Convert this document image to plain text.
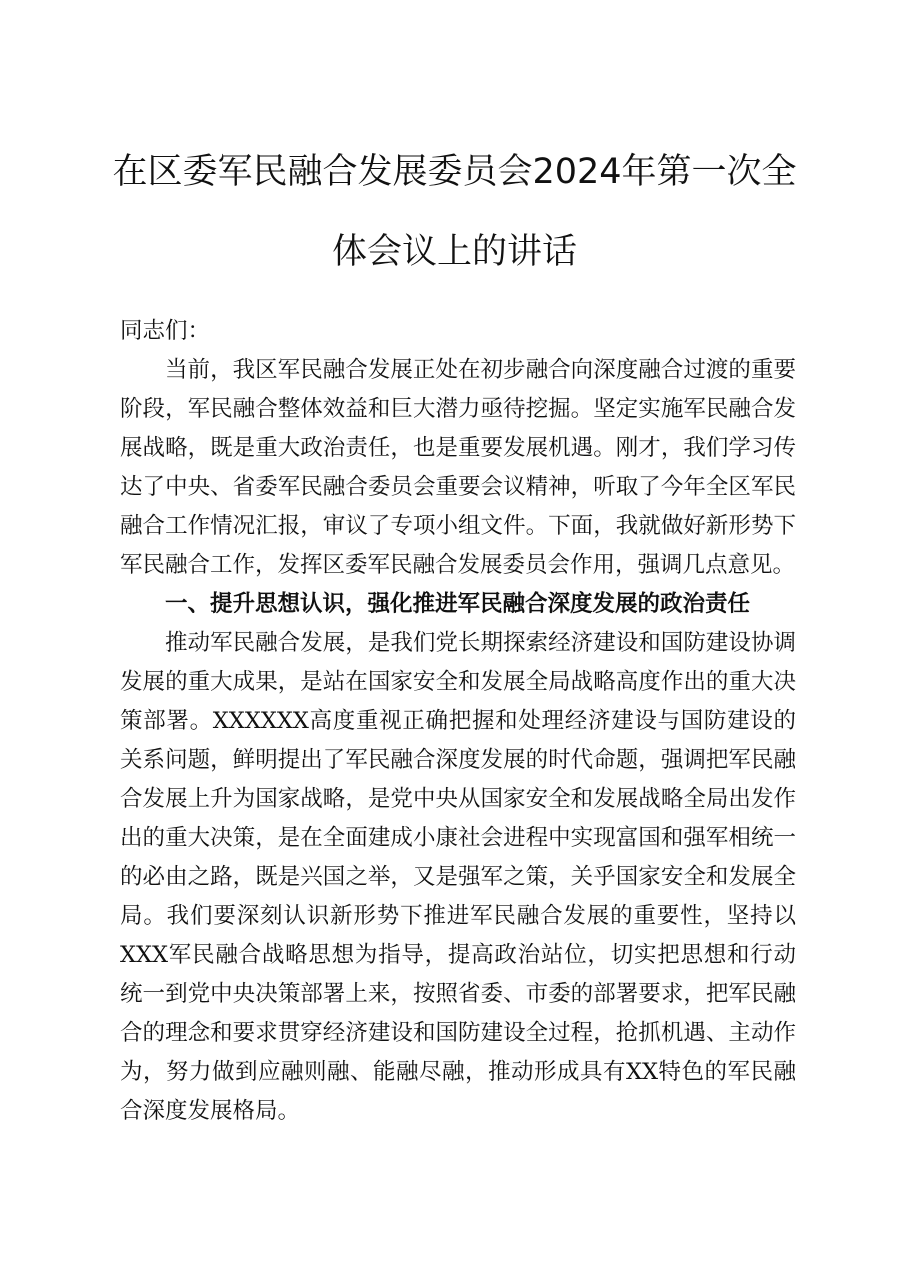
在区委军民融合发展委员会2024年第一次全
体会议上的讲话

同志们：

当前，我区军民融合发展正处在初步融合向深度融合过渡的重要阶段，军民融合整体效益和巨大潜力亟待挖掘。坚定实施军民融合发展战略，既是重大政治责任，也是重要发展机遇。刚才，我们学习传达了中央、省委军民融合委员会重要会议精神，听取了今年全区军民融合工作情况汇报，审议了专项小组文件。下面，我就做好新形势下军民融合工作，发挥区委军民融合发展委员会作用，强调几点意见。

一、提升思想认识，强化推进军民融合深度发展的政治责任

推动军民融合发展，是我们党长期探索经济建设和国防建设协调发展的重大成果，是站在国家安全和发展全局战略高度作出的重大决策部署。XXXXXX高度重视正确把握和处理经济建设与国防建设的关系问题，鲜明提出了军民融合深度发展的时代命题，强调把军民融合发展上升为国家战略，是党中央从国家安全和发展战略全局出发作出的重大决策，是在全面建成小康社会进程中实现富国和强军相统一的必由之路，既是兴国之举，又是强军之策，关乎国家安全和发展全局。我们要深刻认识新形势下推进军民融合发展的重要性，坚持以XXX军民融合战略思想为指导，提高政治站位，切实把思想和行动统一到党中央决策部署上来，按照省委、市委的部署要求，把军民融合的理念和要求贯穿经济建设和国防建设全过程，抢抓机遇、主动作为，努力做到应融则融、能融尽融，推动形成具有XX特色的军民融合深度发展格局。
